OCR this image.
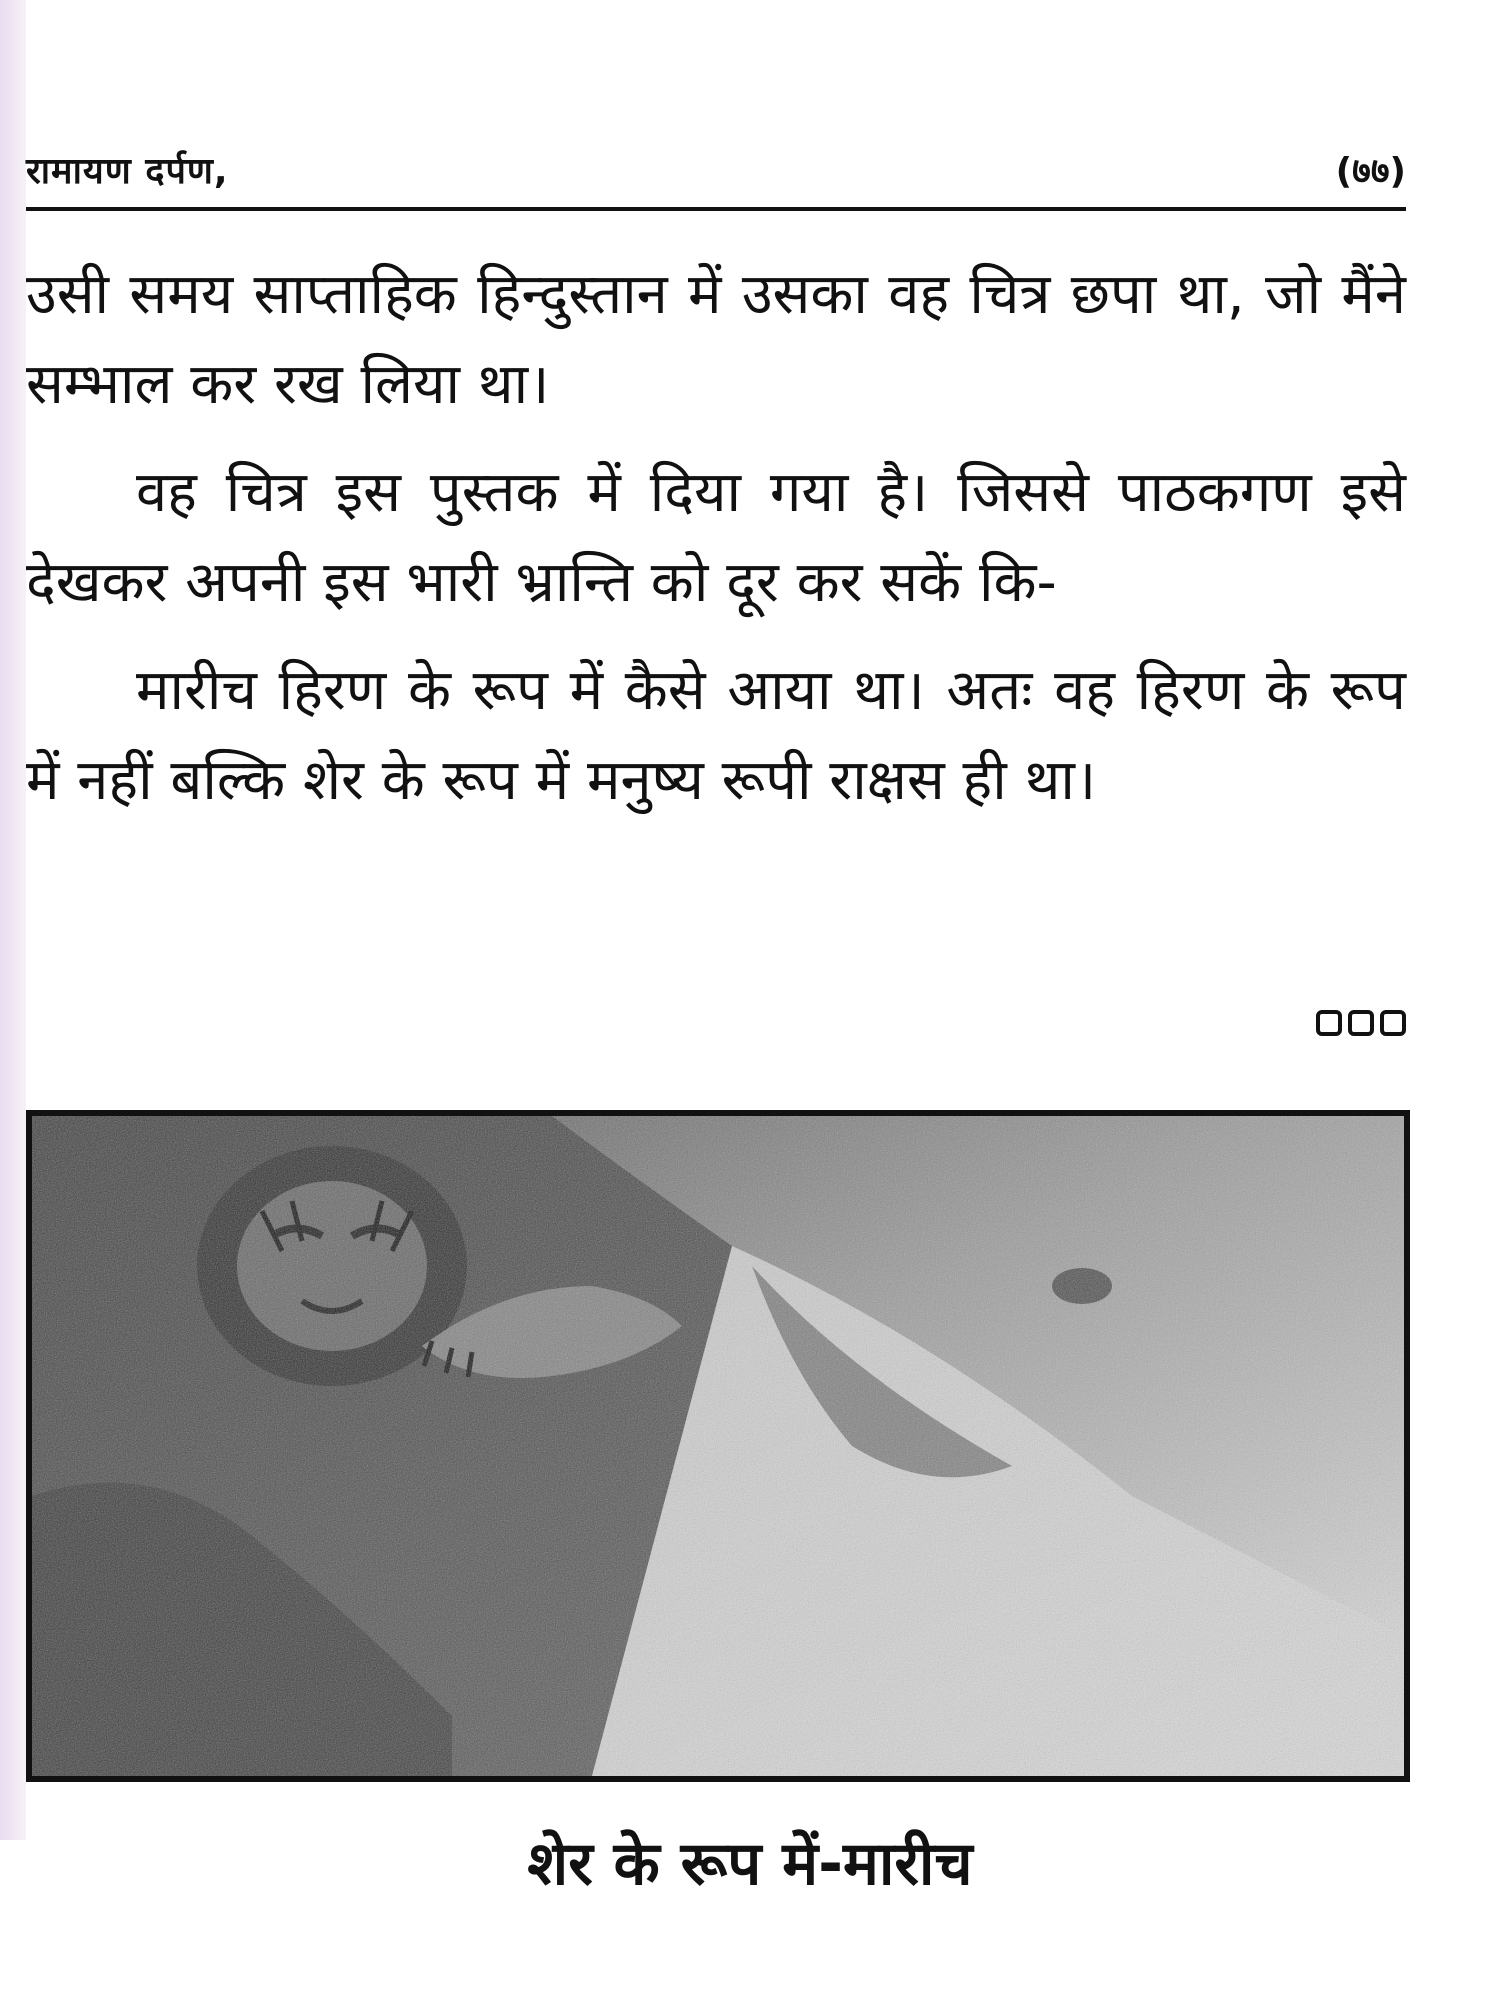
रामायण दर्पण,	(७७)

उसी समय साप्ताहिक हिन्दुस्तान में उसका वह चित्र छपा था, जो मैंने सम्भाल कर रख लिया था।

वह चित्र इस पुस्तक में दिया गया है। जिससे पाठकगण इसे देखकर अपनी इस भारी भ्रान्ति को दूर कर सकें कि-

मारीच हिरण के रूप में कैसे आया था। अतः वह हिरण के रूप में नहीं बल्कि शेर के रूप में मनुष्य रूपी राक्षस ही था।

शेर के रूप में-मारीच
